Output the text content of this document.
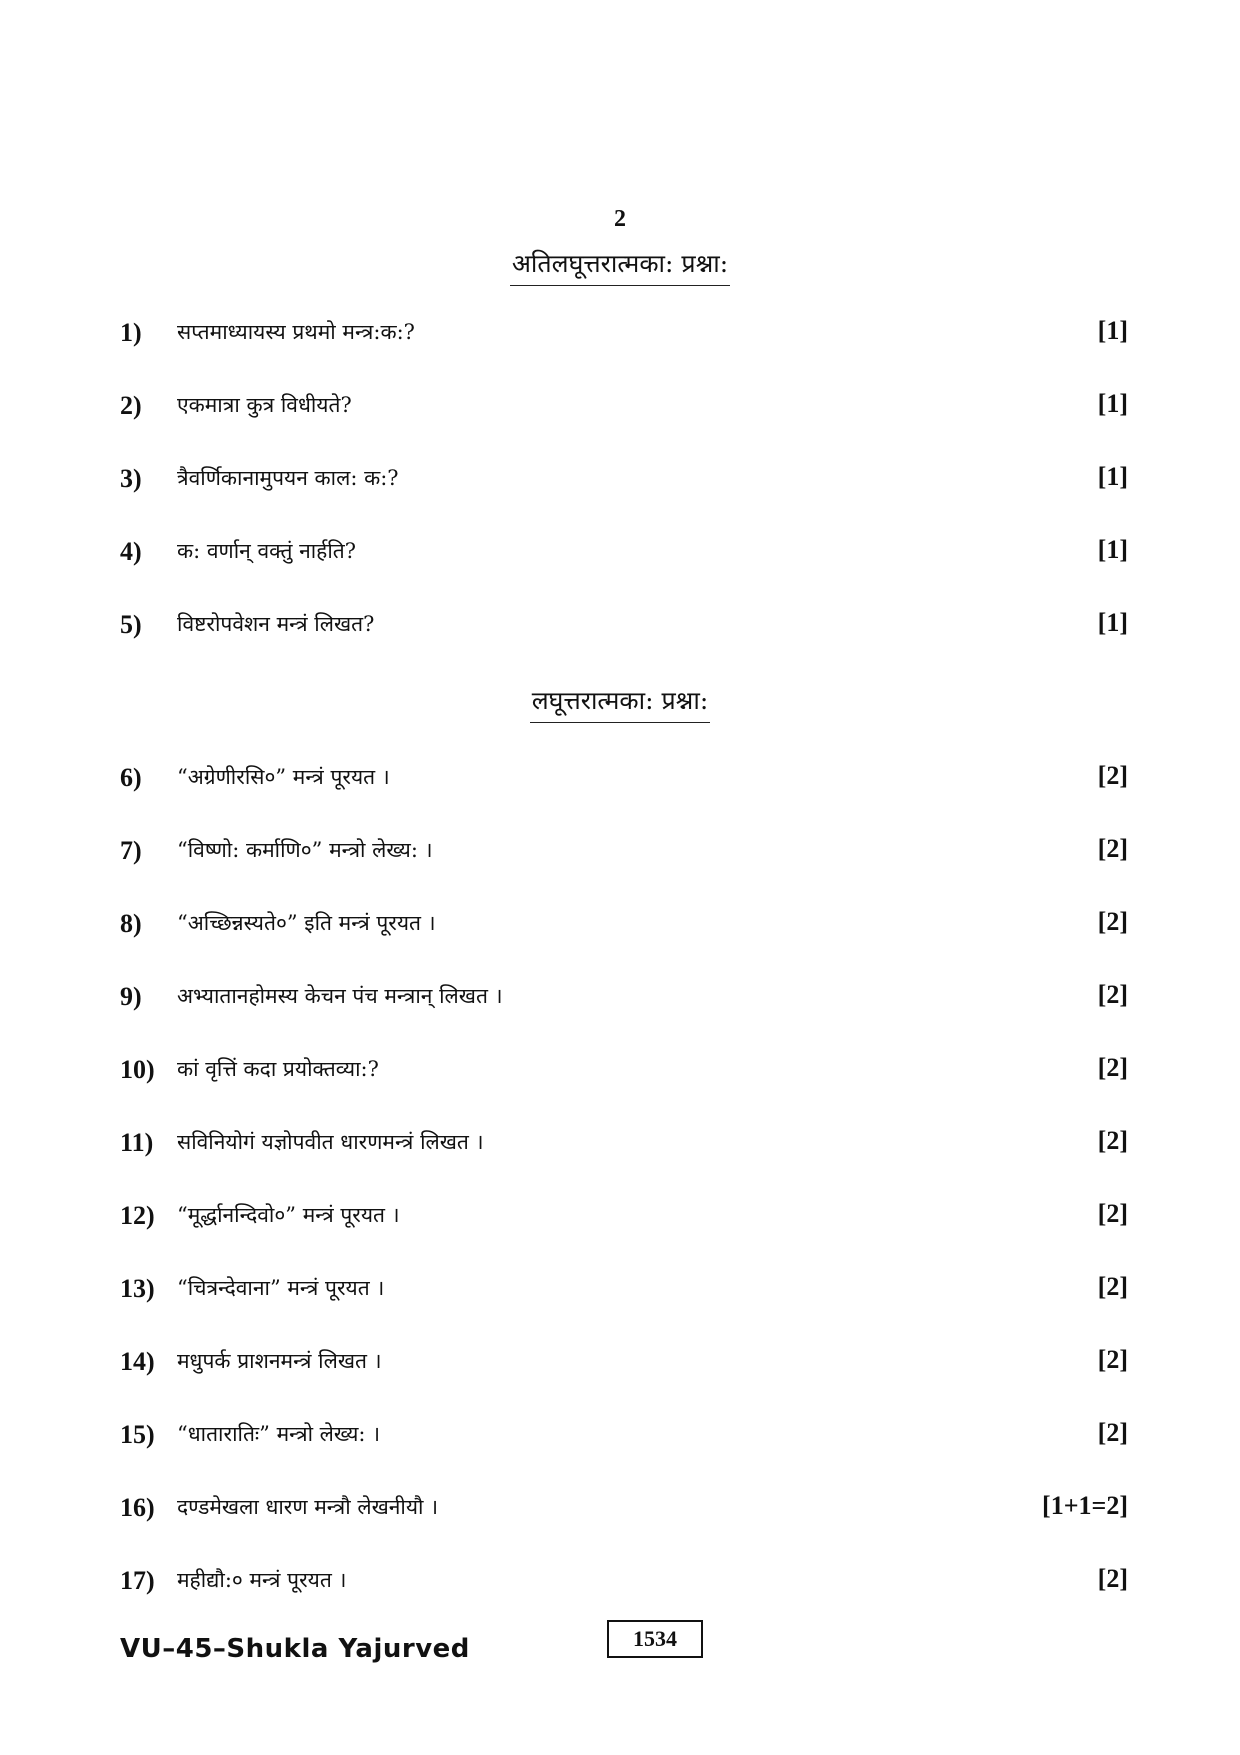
2
अतिलघूत्तरात्मका: प्रश्ना:
1) सप्तमाध्यायस्य प्रथमो मन्त्र:क:?	[1]
2) एकमात्रा कुत्र विधीयते?	[1]
3) त्रैवर्णिकानामुपयन काल: क:?	[1]
4) क: वर्णान् वक्तुं नार्हति?	[1]
5) विष्टरोपवेशन मन्त्रं लिखत?	[1]
लघूत्तरात्मका: प्रश्ना:
6) “अग्रेणीरसि०” मन्त्रं पूरयत ।	[2]
7) “विष्णो: कर्माणि०” मन्त्रो लेख्य: ।	[2]
8) “अच्छिन्नस्यते०” इति मन्त्रं पूरयत ।	[2]
9) अभ्यातानहोमस्य केचन पंच मन्त्रान् लिखत ।	[2]
10) कां वृत्तिं कदा प्रयोक्तव्या:?	[2]
11) सविनियोगं यज्ञोपवीत धारणमन्त्रं लिखत ।	[2]
12) “मूर्द्धानन्दिवो०” मन्त्रं पूरयत ।	[2]
13) “चित्रन्देवाना” मन्त्रं पूरयत ।	[2]
14) मधुपर्क प्राशनमन्त्रं लिखत ।	[2]
15) “धातारातिः” मन्त्रो लेख्य: ।	[2]
16) दण्डमेखला धारण मन्त्रौ लेखनीयौ ।	[1+1=2]
17) महीद्यौ:० मन्त्रं पूरयत ।	[2]
VU–45–Shukla Yajurved	1534
